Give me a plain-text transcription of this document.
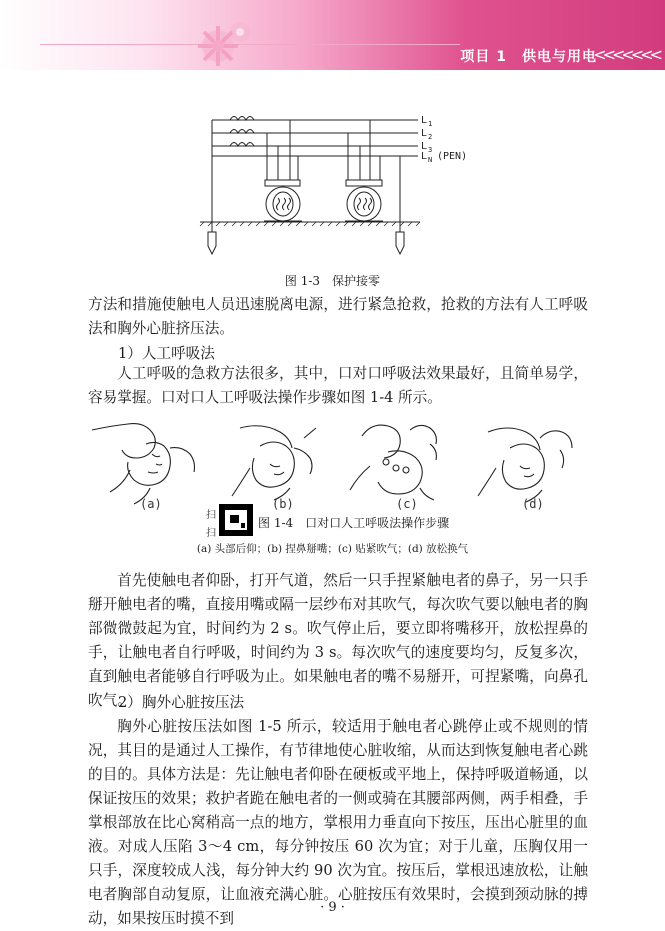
项目 1　供电与用电
<<<<<<<
L 1
L 2
L 3
L N (PEN)
图 1-3　保护接零
方法和措施使触电人员迅速脱离电源，进行紧急抢救，抢救的方法有人工呼吸法和胸外心脏挤压法。
1）人工呼吸法
人工呼吸的急救方法很多，其中，口对口呼吸法效果最好，且简单易学，容易掌握。口对口人工呼吸法操作步骤如图 1-4 所示。
(a)	(b)	(c)	(d)
扫
扫
图 1-4　口对口人工呼吸法操作步骤
(a) 头部后仰；(b) 捏鼻掰嘴；(c) 贴紧吹气；(d) 放松换气
首先使触电者仰卧，打开气道，然后一只手捏紧触电者的鼻子，另一只手掰开触电者的嘴，直接用嘴或隔一层纱布对其吹气，每次吹气要以触电者的胸部微微鼓起为宜，时间约为 2 s。吹气停止后，要立即将嘴移开，放松捏鼻的手，让触电者自行呼吸，时间约为 3 s。每次吹气的速度要均匀，反复多次，直到触电者能够自行呼吸为止。如果触电者的嘴不易掰开，可捏紧嘴，向鼻孔吹气。
2）胸外心脏按压法
胸外心脏按压法如图 1-5 所示，较适用于触电者心跳停止或不规则的情况，其目的是通过人工操作，有节律地使心脏收缩，从而达到恢复触电者心跳的目的。具体方法是：先让触电者仰卧在硬板或平地上，保持呼吸道畅通，以保证按压的效果；救护者跪在触电者的一侧或骑在其腰部两侧，两手相叠，手掌根部放在比心窝稍高一点的地方，掌根用力垂直向下按压，压出心脏里的血液。对成人压陷 3～4 cm，每分钟按压 60 次为宜；对于儿童，压胸仅用一只手，深度较成人浅，每分钟大约 90 次为宜。按压后，掌根迅速放松，让触电者胸部自动复原，让血液充满心脏。心脏按压有效果时，会摸到颈动脉的搏动，如果按压时摸不到
· 9 ·
